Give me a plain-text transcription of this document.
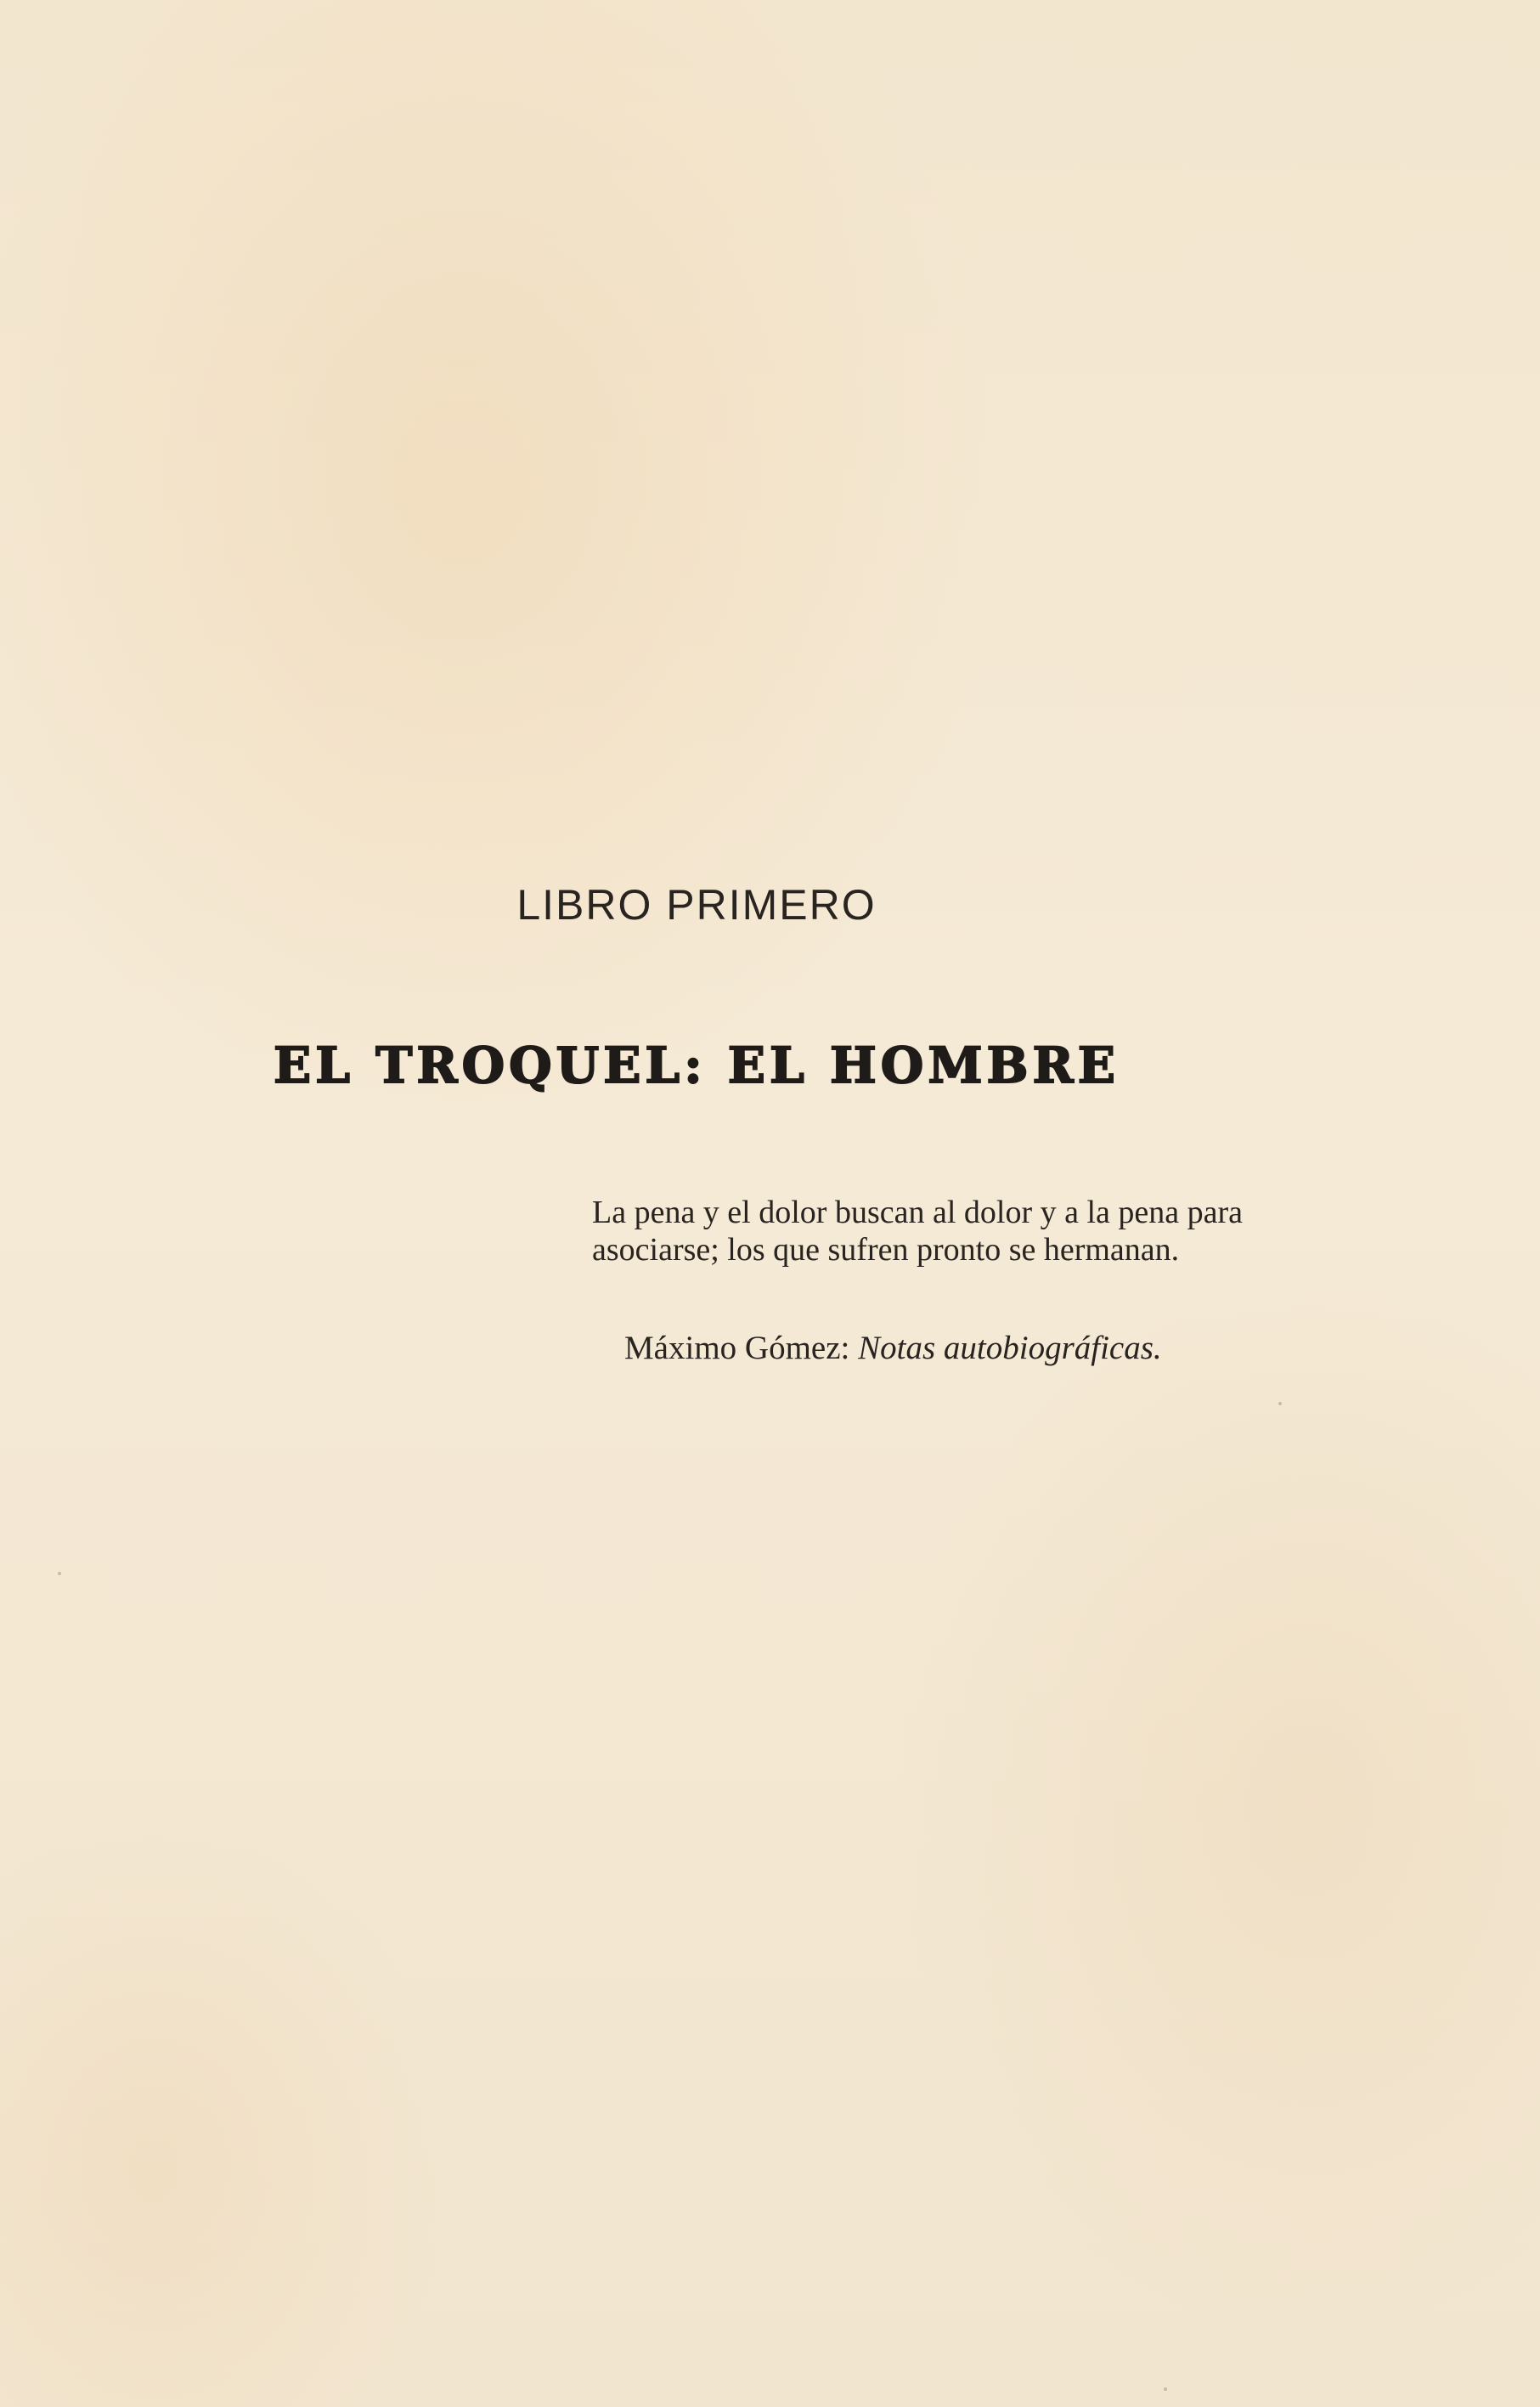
LIBRO PRIMERO
EL TROQUEL: EL HOMBRE
La pena y el dolor buscan al dolor y a la pena para asociarse; los que sufren pronto se hermanan.
Máximo Gómez: Notas autobiográficas.
